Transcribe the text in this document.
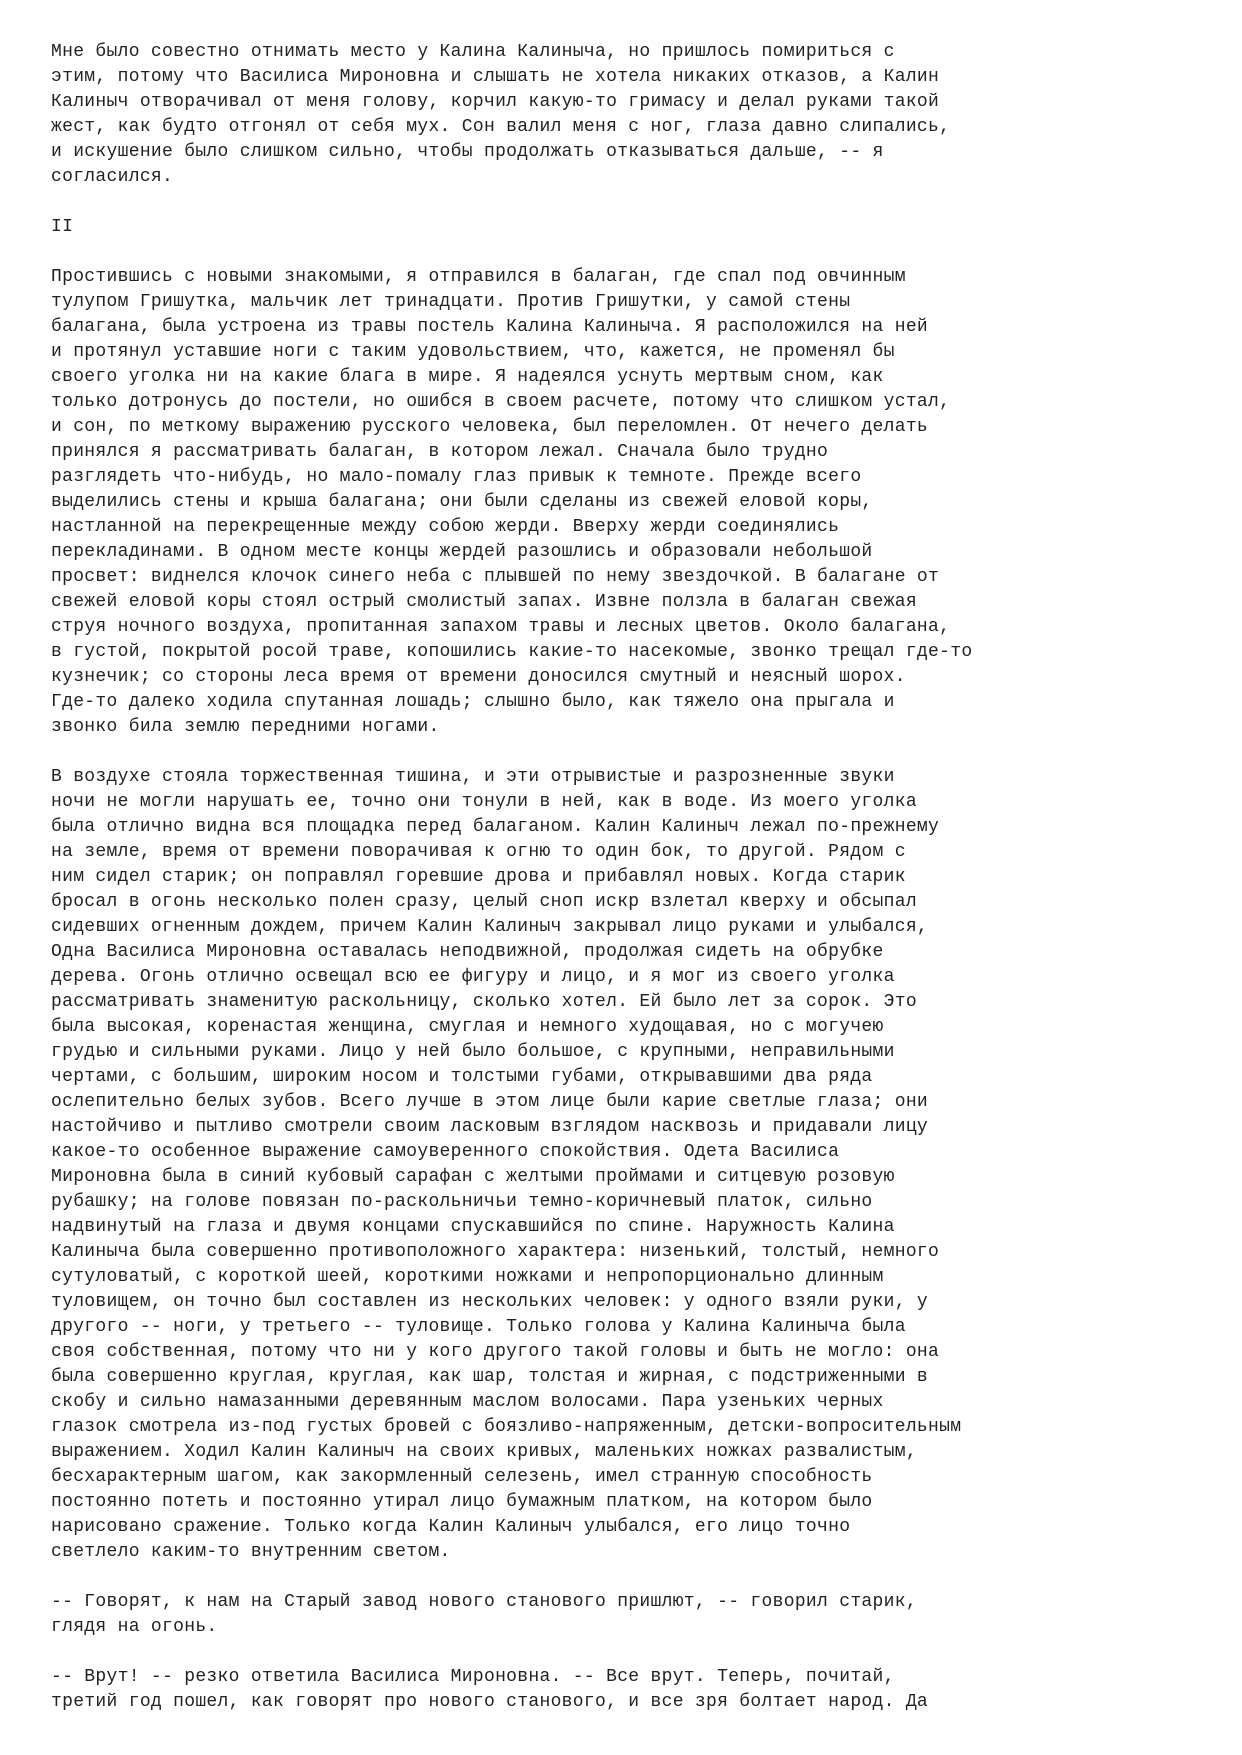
Мне было совестно отнимать место у Калина Калиныча, но пришлось помириться с
этим, потому что Василиса Мироновна и слышать не хотела никаких отказов, а Калин
Калиныч отворачивал от меня голову, корчил какую-то гримасу и делал руками такой
жест, как будто отгонял от себя мух. Сон валил меня с ног, глаза давно слипались,
и искушение было слишком сильно, чтобы продолжать отказываться дальше, -- я
согласился.
II
Простившись с новыми знакомыми, я отправился в балаган, где спал под овчинным
тулупом Гришутка, мальчик лет тринадцати. Против Гришутки, у самой стены
балагана, была устроена из травы постель Калина Калиныча. Я расположился на ней
и протянул уставшие ноги с таким удовольствием, что, кажется, не променял бы
своего уголка ни на какие блага в мире. Я надеялся уснуть мертвым сном, как
только дотронусь до постели, но ошибся в своем расчете, потому что слишком устал,
и сон, по меткому выражению русского человека, был переломлен. От нечего делать
принялся я рассматривать балаган, в котором лежал. Сначала было трудно
разглядеть что-нибудь, но мало-помалу глаз привык к темноте. Прежде всего
выделились стены и крыша балагана; они были сделаны из свежей еловой коры,
настланной на перекрещенные между собою жерди. Вверху жерди соединялись
перекладинами. В одном месте концы жердей разошлись и образовали небольшой
просвет: виднелся клочок синего неба с плывшей по нему звездочкой. В балагане от
свежей еловой коры стоял острый смолистый запах. Извне ползла в балаган свежая
струя ночного воздуха, пропитанная запахом травы и лесных цветов. Около балагана,
в густой, покрытой росой траве, копошились какие-то насекомые, звонко трещал где-то
кузнечик; со стороны леса время от времени доносился смутный и неясный шорох.
Где-то далеко ходила спутанная лошадь; слышно было, как тяжело она прыгала и
звонко била землю передними ногами.
В воздухе стояла торжественная тишина, и эти отрывистые и разрозненные звуки
ночи не могли нарушать ее, точно они тонули в ней, как в воде. Из моего уголка
была отлично видна вся площадка перед балаганом. Калин Калиныч лежал по-прежнему
на земле, время от времени поворачивая к огню то один бок, то другой. Рядом с
ним сидел старик; он поправлял горевшие дрова и прибавлял новых. Когда старик
бросал в огонь несколько полен сразу, целый сноп искр взлетал кверху и обсыпал
сидевших огненным дождем, причем Калин Калиныч закрывал лицо руками и улыбался,
Одна Василиса Мироновна оставалась неподвижной, продолжая сидеть на обрубке
дерева. Огонь отлично освещал всю ее фигуру и лицо, и я мог из своего уголка
рассматривать знаменитую раскольницу, сколько хотел. Ей было лет за сорок. Это
была высокая, коренастая женщина, смуглая и немного худощавая, но с могучею
грудью и сильными руками. Лицо у ней было большое, с крупными, неправильными
чертами, с большим, широким носом и толстыми губами, открывавшими два ряда
ослепительно белых зубов. Всего лучше в этом лице были карие светлые глаза; они
настойчиво и пытливо смотрели своим ласковым взглядом насквозь и придавали лицу
какое-то особенное выражение самоуверенного спокойствия. Одета Василиса
Мироновна была в синий кубовый сарафан с желтыми проймами и ситцевую розовую
рубашку; на голове повязан по-раскольничьи темно-коричневый платок, сильно
надвинутый на глаза и двумя концами спускавшийся по спине. Наружность Калина
Калиныча была совершенно противоположного характера: низенький, толстый, немного
сутуловатый, с короткой шеей, короткими ножками и непропорционально длинным
туловищем, он точно был составлен из нескольких человек: у одного взяли руки, у
другого -- ноги, у третьего -- туловище. Только голова у Калина Калиныча была
своя собственная, потому что ни у кого другого такой головы и быть не могло: она
была совершенно круглая, круглая, как шар, толстая и жирная, с подстриженными в
скобу и сильно намазанными деревянным маслом волосами. Пара узеньких черных
глазок смотрела из-под густых бровей с боязливо-напряженным, детски-вопросительным
выражением. Ходил Калин Калиныч на своих кривых, маленьких ножках развалистым,
бесхарактерным шагом, как закормленный селезень, имел странную способность
постоянно потеть и постоянно утирал лицо бумажным платком, на котором было
нарисовано сражение. Только когда Калин Калиныч улыбался, его лицо точно
светлело каким-то внутренним светом.
-- Говорят, к нам на Старый завод нового станового пришлют, -- говорил старик,
глядя на огонь.
-- Врут! -- резко ответила Василиса Мироновна. -- Все врут. Теперь, почитай,
третий год пошел, как говорят про нового станового, и все зря болтает народ. Да
